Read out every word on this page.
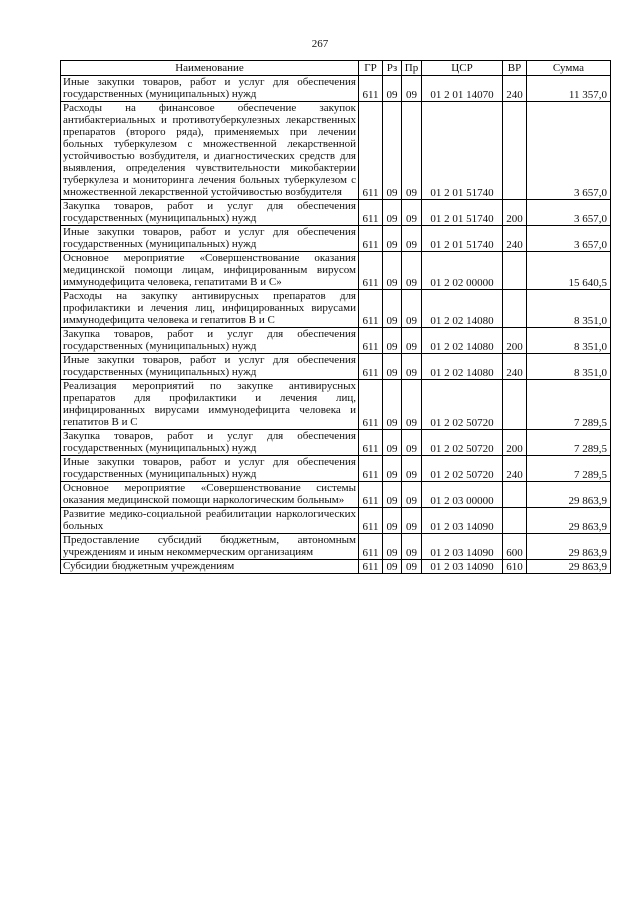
267
Наименование	ГР	Рз	Пр	ЦСР	ВР	Сумма
Иные закупки товаров, работ и услуг для обеспечения государственных (муниципальных) нужд	611	09	09	01 2 01 14070	240	11 357,0
Расходы на финансовое обеспечение закупок антибактериальных и противотуберкулезных лекарственных препаратов (второго ряда), применяемых при лечении больных туберкулезом с множественной лекарственной устойчивостью возбудителя, и диагностических средств для выявления, определения чувствительности микобактерии туберкулеза и мониторинга лечения больных туберкулезом с множественной лекарственной устойчивостью возбудителя	611	09	09	01 2 01 51740		3 657,0
Закупка товаров, работ и услуг для обеспечения государственных (муниципальных) нужд	611	09	09	01 2 01 51740	200	3 657,0
Иные закупки товаров, работ и услуг для обеспечения государственных (муниципальных) нужд	611	09	09	01 2 01 51740	240	3 657,0
Основное мероприятие «Совершенствование оказания медицинской помощи лицам, инфицированным вирусом иммунодефицита человека, гепатитами В и С»	611	09	09	01 2 02 00000		15 640,5
Расходы на закупку антивирусных препаратов для профилактики и лечения лиц, инфицированных вирусами иммунодефицита человека и гепатитов В и С	611	09	09	01 2 02 14080		8 351,0
Закупка товаров, работ и услуг для обеспечения государственных (муниципальных) нужд	611	09	09	01 2 02 14080	200	8 351,0
Иные закупки товаров, работ и услуг для обеспечения государственных (муниципальных) нужд	611	09	09	01 2 02 14080	240	8 351,0
Реализация мероприятий по закупке антивирусных препаратов для профилактики и лечения лиц, инфицированных вирусами иммунодефицита человека и гепатитов В и С	611	09	09	01 2 02 50720		7 289,5
Закупка товаров, работ и услуг для обеспечения государственных (муниципальных) нужд	611	09	09	01 2 02 50720	200	7 289,5
Иные закупки товаров, работ и услуг для обеспечения государственных (муниципальных) нужд	611	09	09	01 2 02 50720	240	7 289,5
Основное мероприятие «Совершенствование системы оказания медицинской помощи наркологическим больным»	611	09	09	01 2 03 00000		29 863,9
Развитие медико-социальной реабилитации наркологических больных	611	09	09	01 2 03 14090		29 863,9
Предоставление субсидий бюджетным, автономным учреждениям и иным некоммерческим организациям	611	09	09	01 2 03 14090	600	29 863,9
Субсидии бюджетным учреждениям	611	09	09	01 2 03 14090	610	29 863,9
